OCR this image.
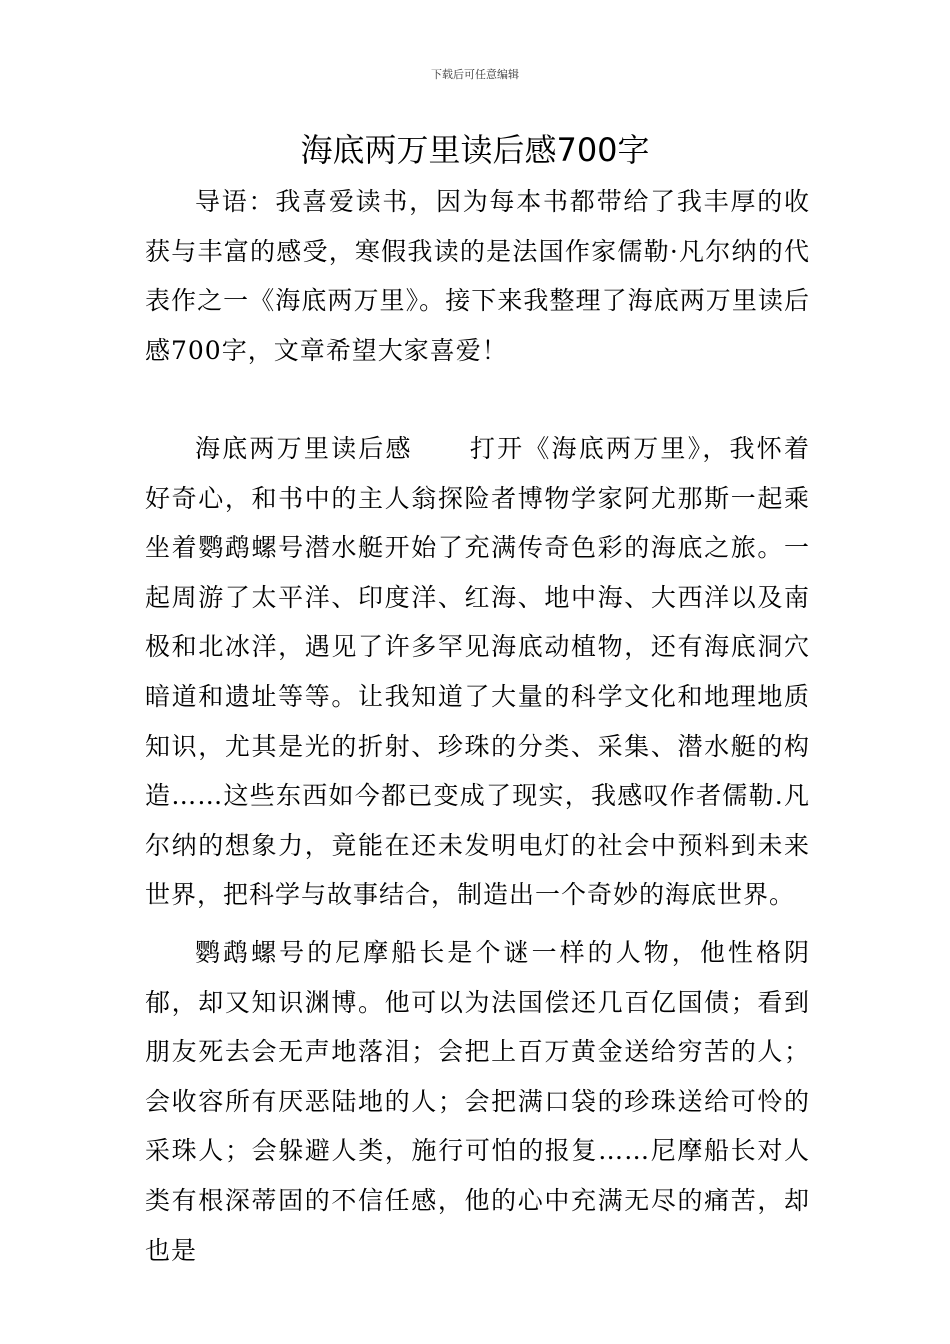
下载后可任意编辑
海底两万里读后感700字

导语：我喜爱读书，因为每本书都带给了我丰厚的收获与丰富的感受，寒假我读的是法国作家儒勒·凡尔纳的代表作之一《海底两万里》。接下来我整理了海底两万里读后感700字，文章希望大家喜爱！

海底两万里读后感 打开《海底两万里》，我怀着好奇心，和书中的主人翁探险者博物学家阿尤那斯一起乘坐着鹦鹉螺号潜水艇开始了充满传奇色彩的海底之旅。一起周游了太平洋、印度洋、红海、地中海、大西洋以及南极和北冰洋，遇见了许多罕见海底动植物，还有海底洞穴暗道和遗址等等。让我知道了大量的科学文化和地理地质知识，尤其是光的折射、珍珠的分类、采集、潜水艇的构造……这些东西如今都已变成了现实，我感叹作者儒勒.凡尔纳的想象力，竟能在还未发明电灯的社会中预料到未来世界，把科学与故事结合，制造出一个奇妙的海底世界。

鹦鹉螺号的尼摩船长是个谜一样的人物，他性格阴郁，却又知识渊博。他可以为法国偿还几百亿国债；看到朋友死去会无声地落泪；会把上百万黄金送给穷苦的人；会收容所有厌恶陆地的人；会把满口袋的珍珠送给可怜的采珠人；会躲避人类，施行可怕的报复……尼摩船长对人类有根深蒂固的不信任感，他的心中充满无尽的痛苦，却也是
